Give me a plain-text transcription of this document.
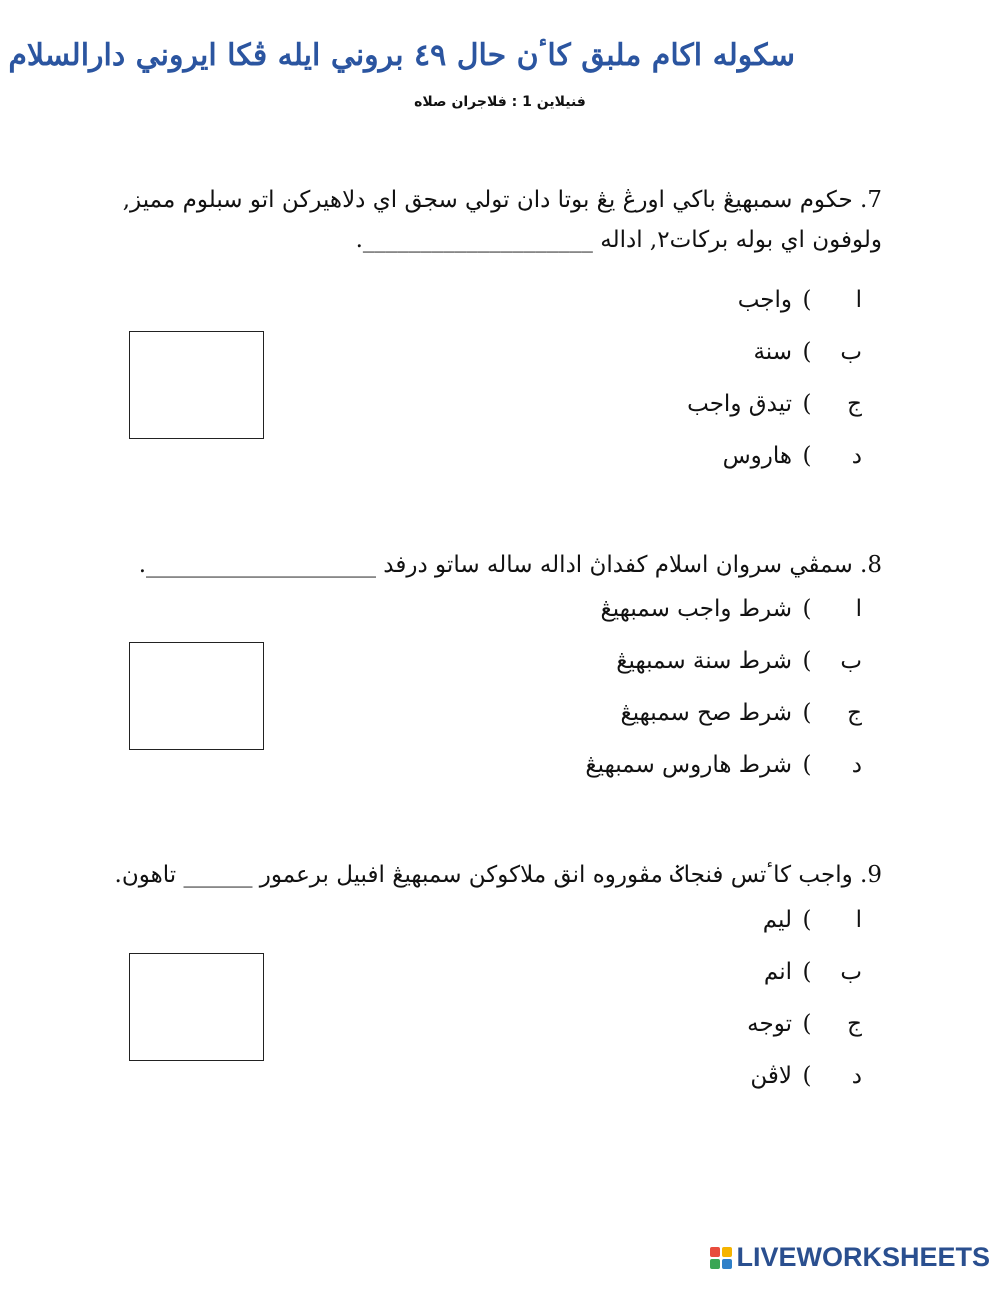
سکوله اکام ملبق کاٴن حال ٤٩ بروني ايله ڤکا ايروني دارالسلام
فنيلاين 1 : فلاجران صلاه
7. حکوم سمبهيڠ باکي اورڠ يڠ بوتا دان تولي سجق اي دلاهيرکن اتو سبلوم مميز,
ولوفون اي بوله برکات٢, اداله ____________________.
ا)واجب
ب)سنة
ج)تيدق واجب
د)هاروس
8. سمڤي سروان اسلام کفداڽ اداله ساله ساتو درفد ____________________.
ا)شرط واجب سمبهيڠ
ب)شرط سنة سمبهيڠ
ج)شرط صح سمبهيڠ
د)شرط هاروس سمبهيڠ
9. واجب کاٴتس فنجاݢ مڤوروه انق ملاکوکن سمبهيڠ افبيل برعمور ______ تاهون.
ا)ليم
ب)انم
ج)توجه
د)لاڤن
LIVEWORKSHEETS
